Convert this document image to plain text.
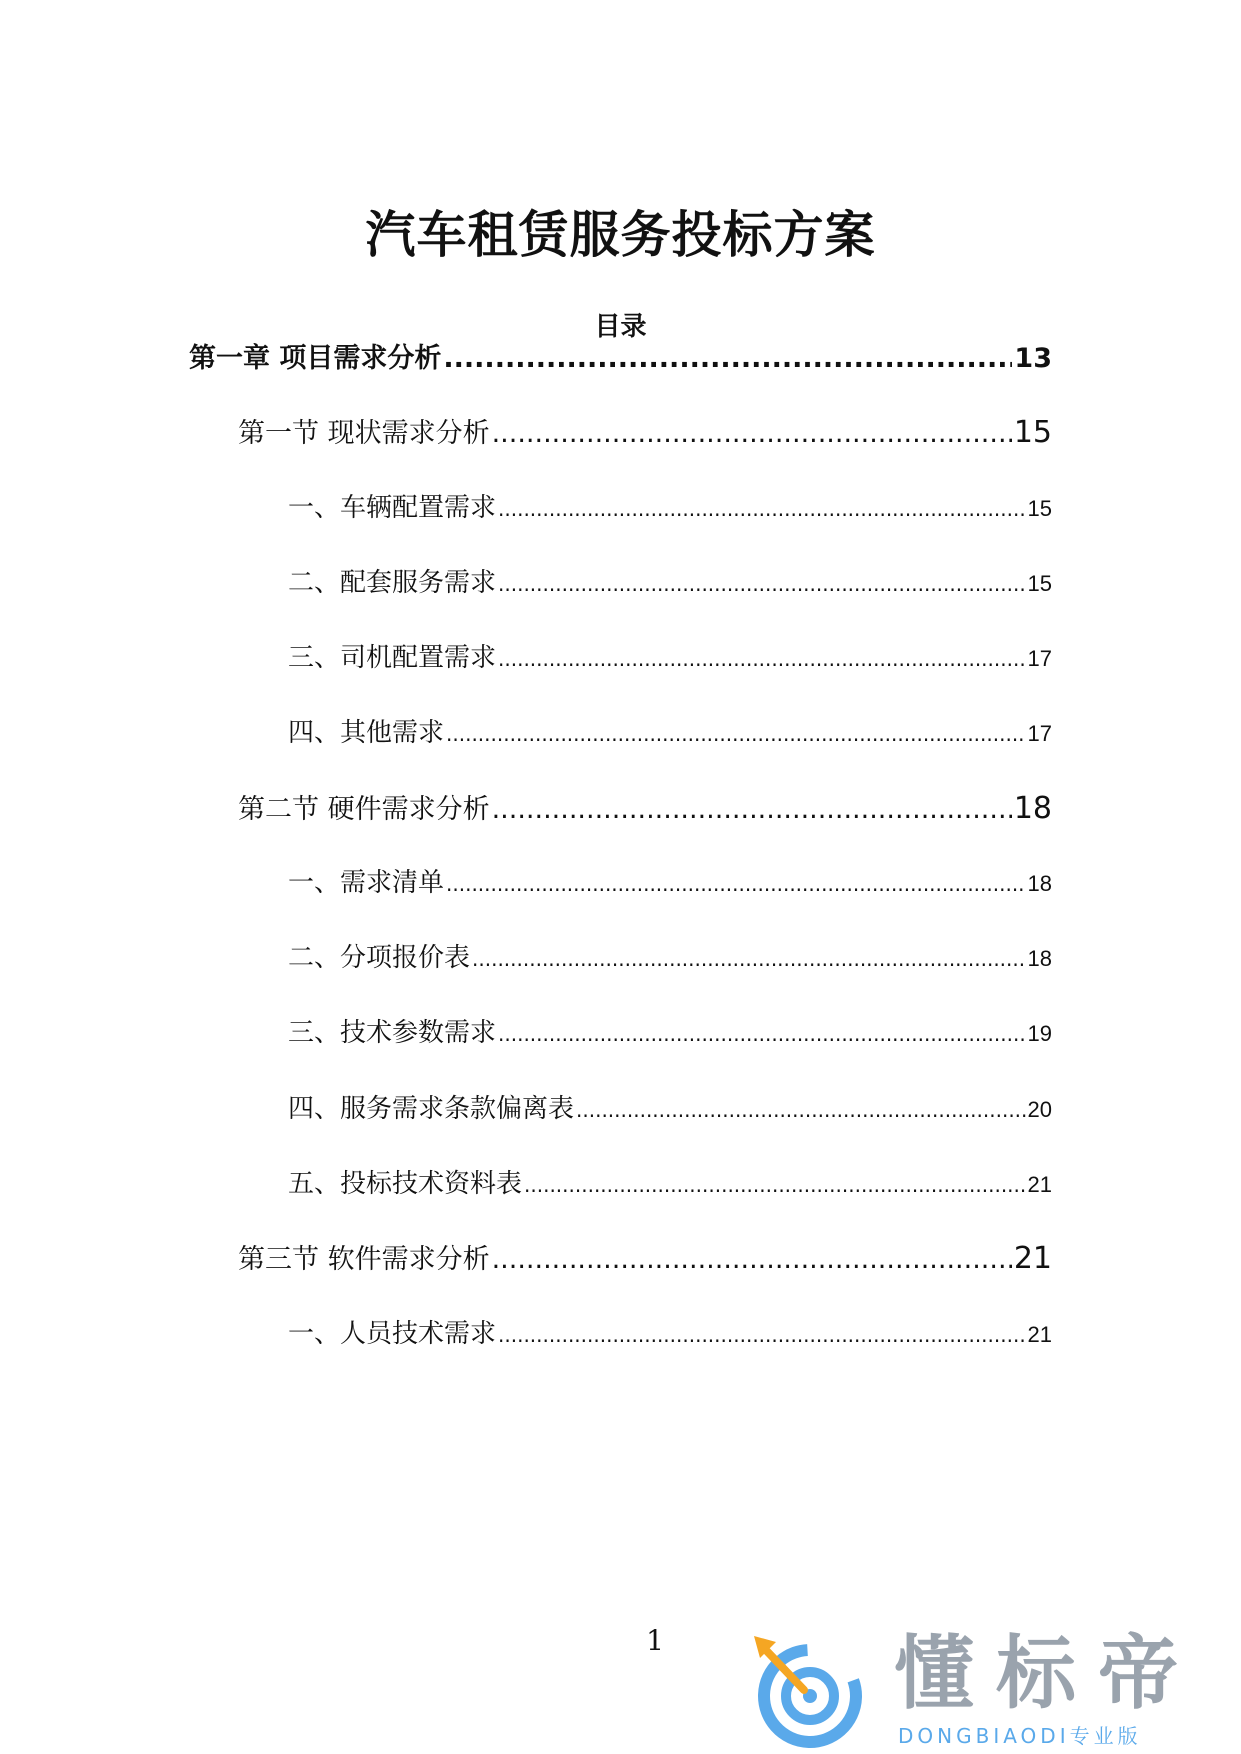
汽车租赁服务投标方案
目录
第一章 项目需求分析 .....	13
第一节 现状需求分析 .....	15
一、车辆配置需求 .....	15
二、配套服务需求 .....	15
三、司机配置需求 .....	17
四、其他需求 .....	17
第二节 硬件需求分析 .....	18
一、需求清单 .....	18
二、分项报价表 .....	18
三、技术参数需求 .....	19
四、服务需求条款偏离表 .....	20
五、投标技术资料表 .....	21
第三节 软件需求分析 .....	21
一、人员技术需求 .....	21
1	懂标帝
DONGBIAODI专业版
